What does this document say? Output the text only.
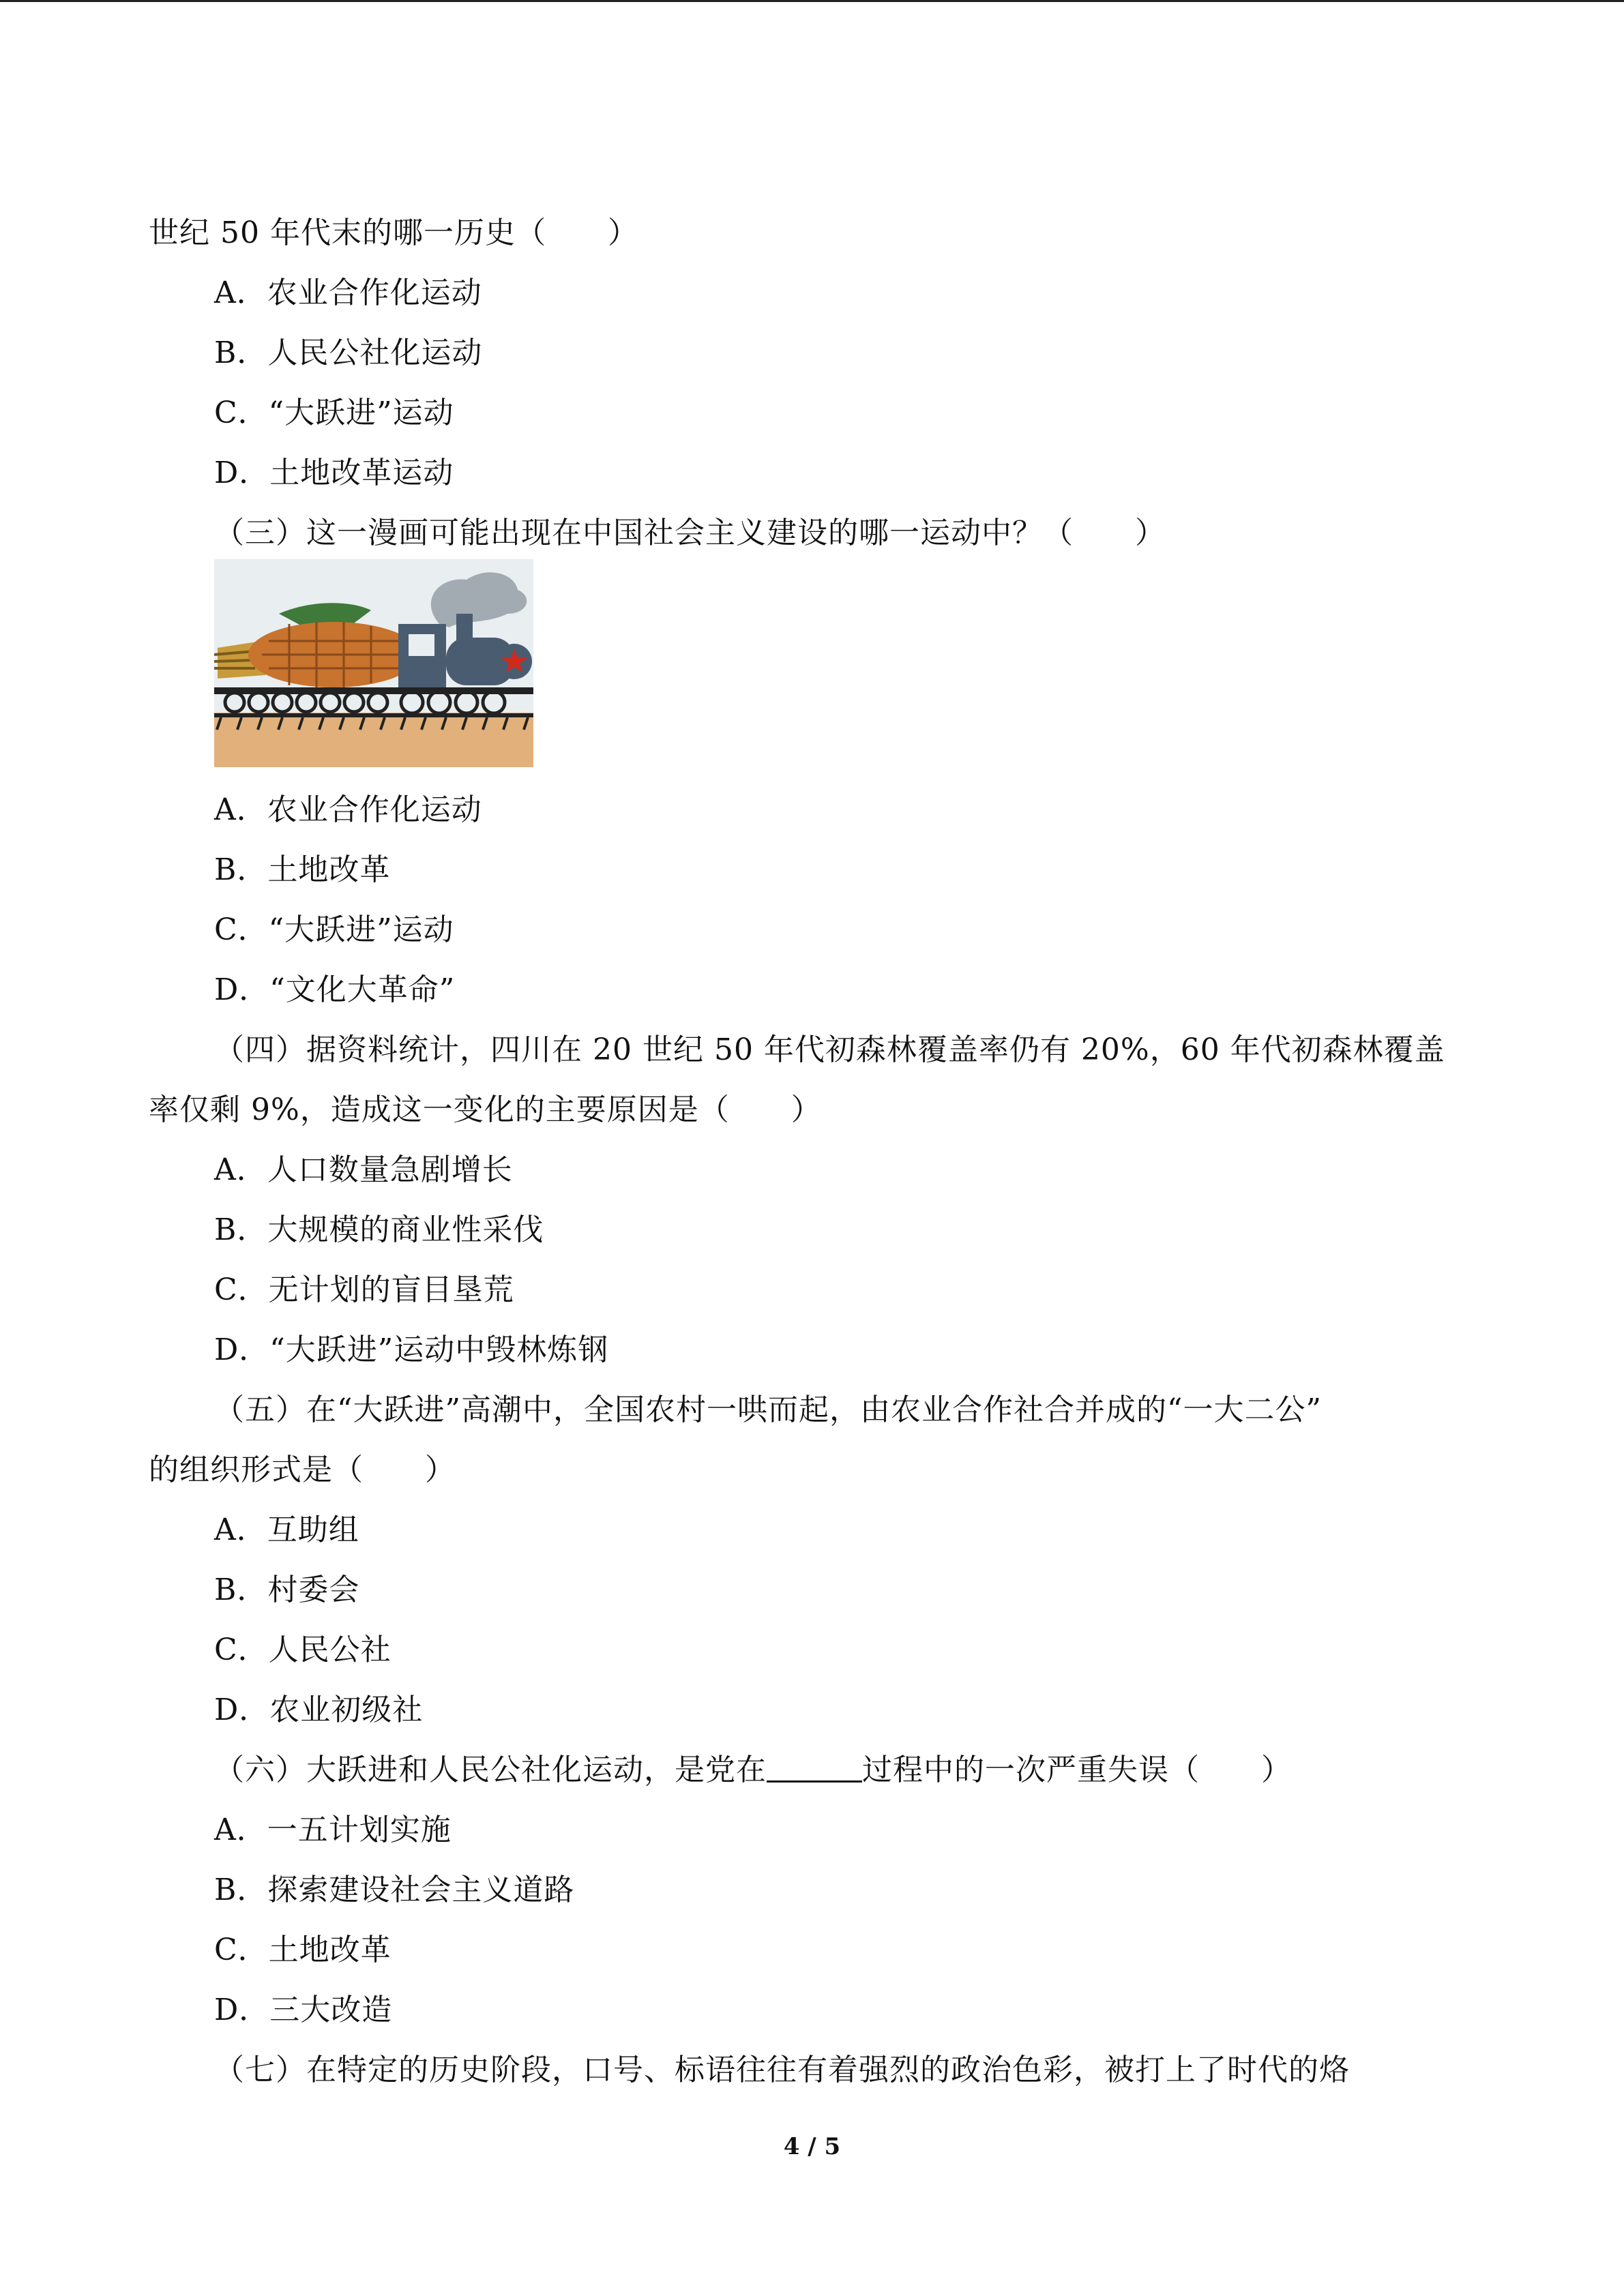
世纪 50 年代末的哪一历史（　　）
A．农业合作化运动
B．人民公社化运动
C．“大跃进”运动
D．土地改革运动
（三）这一漫画可能出现在中国社会主义建设的哪一运动中？（　　）
A．农业合作化运动
B．土地改革
C．“大跃进”运动
D．“文化大革命”
（四）据资料统计，四川在 20 世纪 50 年代初森林覆盖率仍有 20%，60 年代初森林覆盖
率仅剩 9%，造成这一变化的主要原因是（　　）
A．人口数量急剧增长
B．大规模的商业性采伐
C．无计划的盲目垦荒
D．“大跃进”运动中毁林炼钢
（五）在“大跃进”高潮中，全国农村一哄而起，由农业合作社合并成的“一大二公”
的组织形式是（　　）
A．互助组
B．村委会
C．人民公社
D．农业初级社
（六）大跃进和人民公社化运动，是党在	过程中的一次严重失误（　　）
A．一五计划实施
B．探索建设社会主义道路
C．土地改革
D．三大改造
（七）在特定的历史阶段，口号、标语往往有着强烈的政治色彩，被打上了时代的烙
4 / 5
